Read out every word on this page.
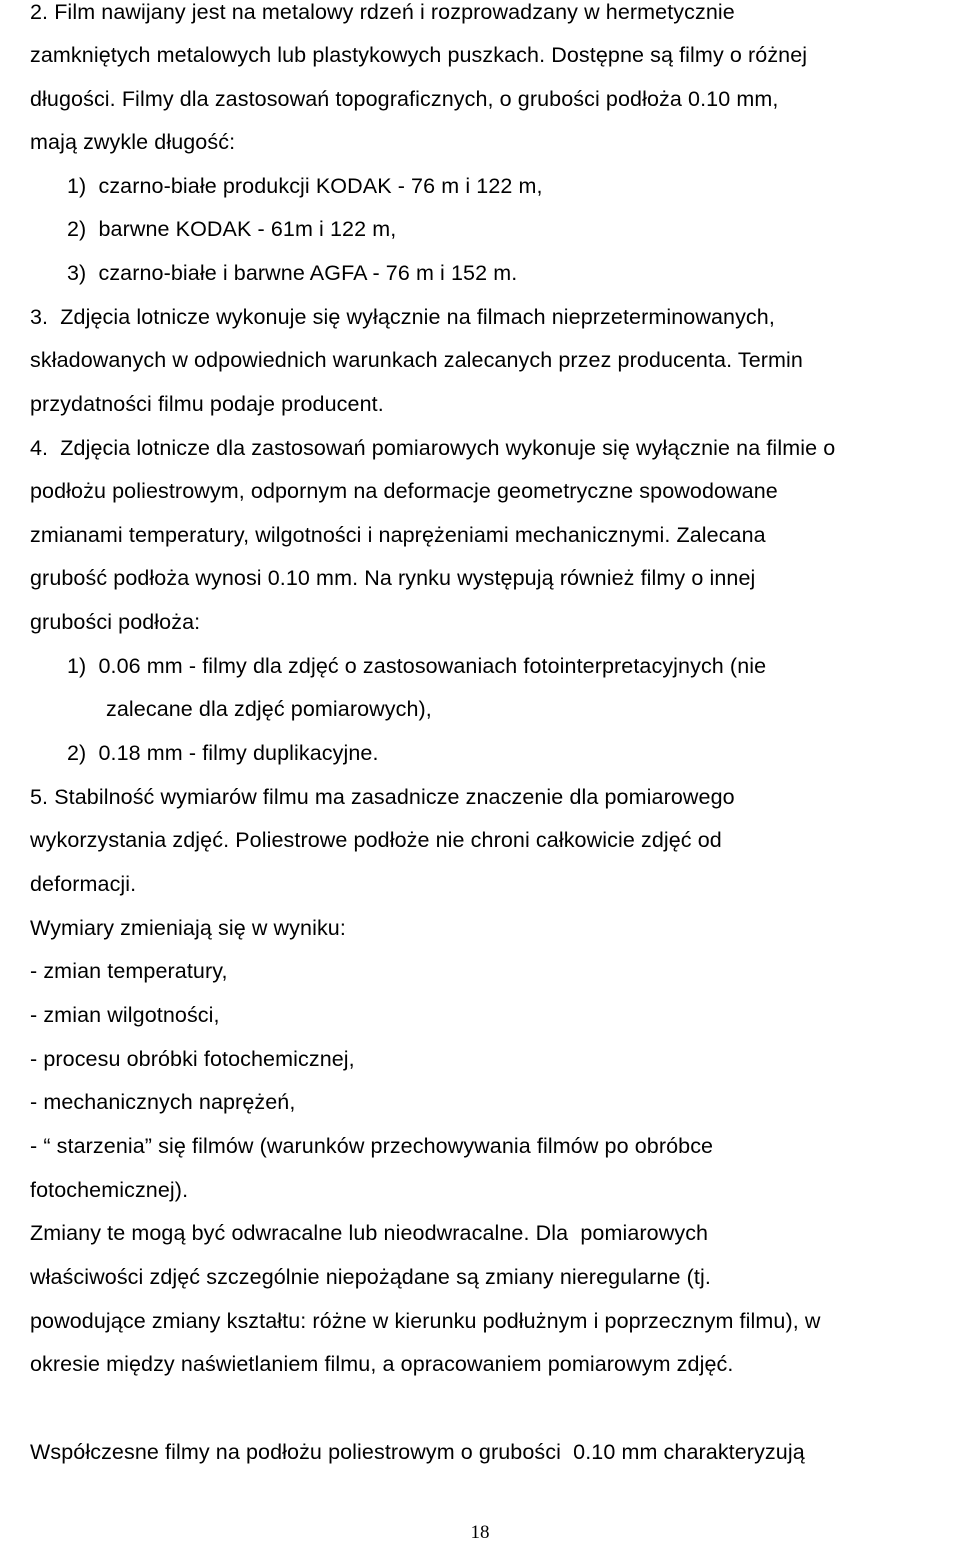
2. Film nawijany jest na metalowy rdzeń i rozprowadzany w hermetycznie
zamkniętych metalowych lub plastykowych puszkach. Dostępne są filmy o różnej
długości. Filmy dla zastosowań topograficznych, o grubości podłoża 0.10 mm,
mają zwykle długość:
1)  czarno-białe produkcji KODAK - 76 m i 122 m,
2)  barwne KODAK - 61m i 122 m,
3)  czarno-białe i barwne AGFA - 76 m i 152 m.
3.  Zdjęcia lotnicze wykonuje się wyłącznie na filmach nieprzeterminowanych,
składowanych w odpowiednich warunkach zalecanych przez producenta. Termin
przydatności filmu podaje producent.
4.  Zdjęcia lotnicze dla zastosowań pomiarowych wykonuje się wyłącznie na filmie o
podłożu poliestrowym, odpornym na deformacje geometryczne spowodowane
zmianami temperatury, wilgotności i naprężeniami mechanicznymi. Zalecana
grubość podłoża wynosi 0.10 mm. Na rynku występują również filmy o innej
grubości podłoża:
1)  0.06 mm - filmy dla zdjęć o zastosowaniach fotointerpretacyjnych (nie
zalecane dla zdjęć pomiarowych),
2)  0.18 mm - filmy duplikacyjne.
5. Stabilność wymiarów filmu ma zasadnicze znaczenie dla pomiarowego
wykorzystania zdjęć. Poliestrowe podłoże nie chroni całkowicie zdjęć od
deformacji.
Wymiary zmieniają się w wyniku:
- zmian temperatury,
- zmian wilgotności,
- procesu obróbki fotochemicznej,
- mechanicznych naprężeń,
- “ starzenia” się filmów (warunków przechowywania filmów po obróbce
fotochemicznej).
Zmiany te mogą być odwracalne lub nieodwracalne. Dla  pomiarowych
właściwości zdjęć szczególnie niepożądane są zmiany nieregularne (tj.
powodujące zmiany kształtu: różne w kierunku podłużnym i poprzecznym filmu), w
okresie między naświetlaniem filmu, a opracowaniem pomiarowym zdjęć.
Współczesne filmy na podłożu poliestrowym o grubości  0.10 mm charakteryzują
18
